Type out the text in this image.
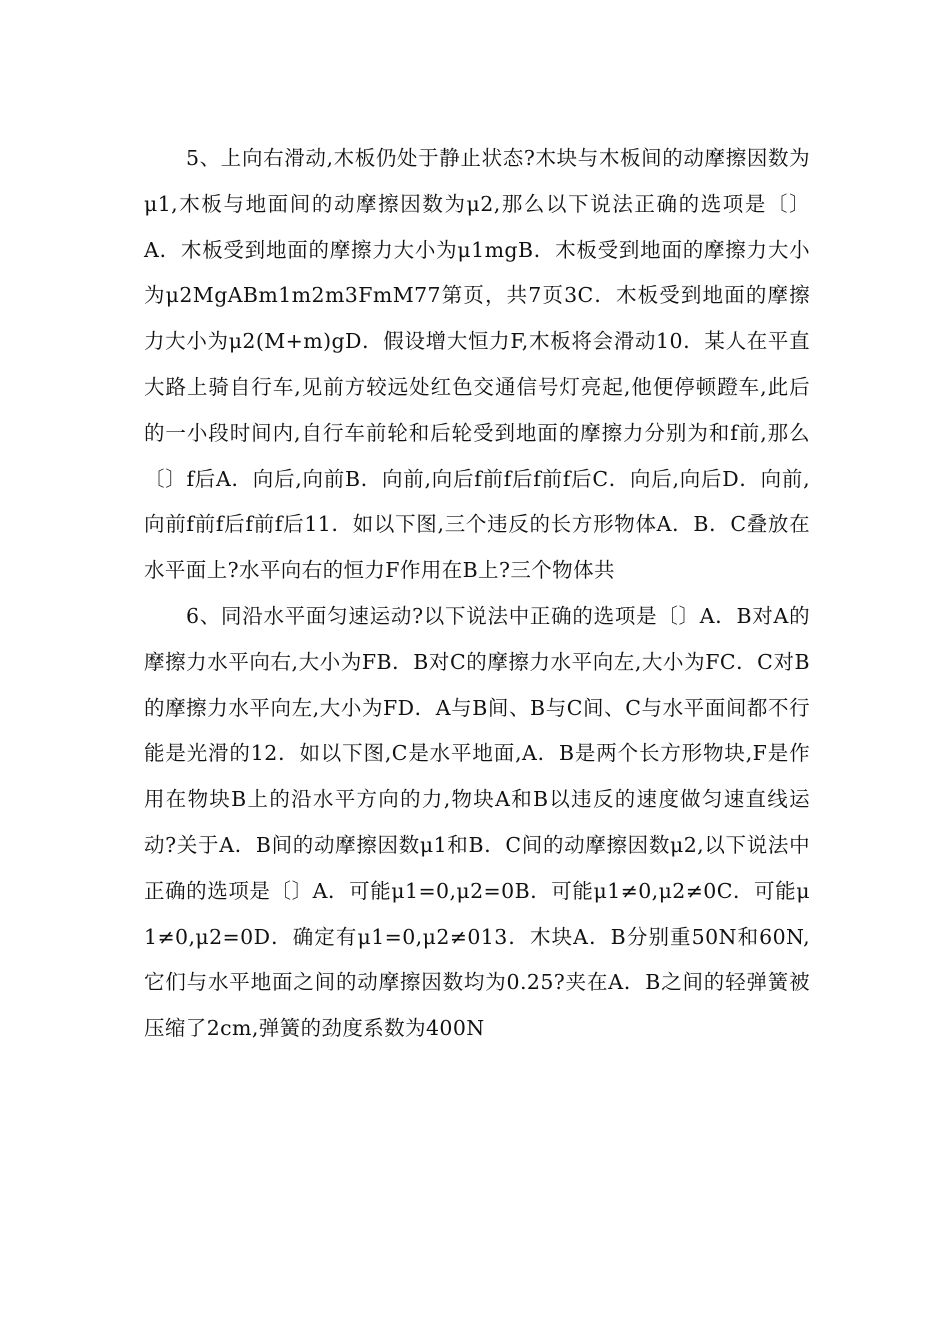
5、上向右滑动,木板仍处于静止状态?木块与木板间的动摩擦因数为μ1,木板与地面间的动摩擦因数为μ2,那么以下说法正确的选项是〔〕A．木板受到地面的摩擦力大小为μ1mgB．木板受到地面的摩擦力大小为μ2MgABm1m2m3FmM77第页，共7页3C．木板受到地面的摩擦力大小为μ2(M+m)gD．假设增大恒力F,木板将会滑动10．某人在平直大路上骑自行车,见前方较远处红色交通信号灯亮起,他便停顿蹬车,此后的一小段时间内,自行车前轮和后轮受到地面的摩擦力分别为和f前,那么〔〕f后A．向后,向前B．向前,向后f前f后f前f后C．向后,向后D．向前,向前f前f后f前f后11．如以下图,三个违反的长方形物体A．B．C叠放在水平面上?水平向右的恒力F作用在B上?三个物体共

6、同沿水平面匀速运动?以下说法中正确的选项是〔〕A．B对A的摩擦力水平向右,大小为FB．B对C的摩擦力水平向左,大小为FC．C对B的摩擦力水平向左,大小为FD．A与B间、B与C间、C与水平面间都不行能是光滑的12．如以下图,C是水平地面,A．B是两个长方形物块,F是作用在物块B上的沿水平方向的力,物块A和B以违反的速度做匀速直线运动?关于A．B间的动摩擦因数μ1和B．C间的动摩擦因数μ2,以下说法中正确的选项是〔〕A．可能μ1=0,μ2=0B．可能μ1≠0,μ2≠0C．可能μ1≠0,μ2=0D．确定有μ1=0,μ2≠013．木块A．B分别重50N和60N,它们与水平地面之间的动摩擦因数均为0.25?夹在A．B之间的轻弹簧被压缩了2cm,弹簧的劲度系数为400N
